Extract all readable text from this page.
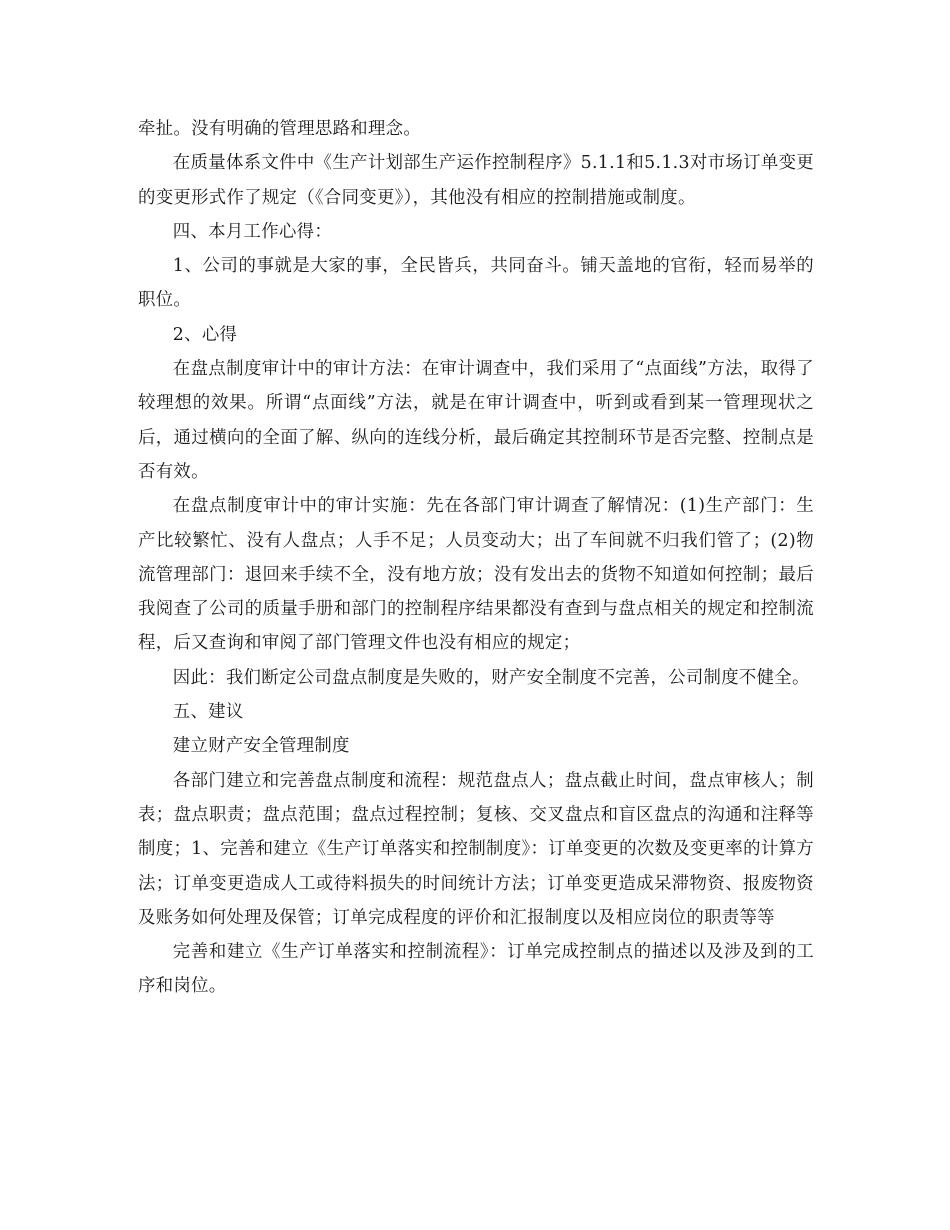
牵扯。没有明确的管理思路和理念。

在质量体系文件中《生产计划部生产运作控制程序》5.1.1和5.1.3对市场订单变更的变更形式作了规定（《合同变更》），其他没有相应的控制措施或制度。

四、本月工作心得：

1、公司的事就是大家的事，全民皆兵，共同奋斗。铺天盖地的官衔，轻而易举的职位。

2、心得

在盘点制度审计中的审计方法：在审计调查中，我们采用了“点面线”方法，取得了较理想的效果。所谓“点面线”方法，就是在审计调查中，听到或看到某一管理现状之后，通过横向的全面了解、纵向的连线分析，最后确定其控制环节是否完整、控制点是否有效。

在盘点制度审计中的审计实施：先在各部门审计调查了解情况：(1)生产部门：生产比较繁忙、没有人盘点；人手不足；人员变动大；出了车间就不归我们管了；(2)物流管理部门：退回来手续不全，没有地方放；没有发出去的货物不知道如何控制；最后我阅查了公司的质量手册和部门的控制程序结果都没有查到与盘点相关的规定和控制流程，后又查询和审阅了部门管理文件也没有相应的规定；

因此：我们断定公司盘点制度是失败的，财产安全制度不完善，公司制度不健全。

五、建议

建立财产安全管理制度

各部门建立和完善盘点制度和流程：规范盘点人；盘点截止时间，盘点审核人；制表；盘点职责；盘点范围；盘点过程控制；复核、交叉盘点和盲区盘点的沟通和注释等制度；1、完善和建立《生产订单落实和控制制度》：订单变更的次数及变更率的计算方法；订单变更造成人工或待料损失的时间统计方法；订单变更造成呆滞物资、报废物资及账务如何处理及保管；订单完成程度的评价和汇报制度以及相应岗位的职责等等

完善和建立《生产订单落实和控制流程》：订单完成控制点的描述以及涉及到的工序和岗位。
